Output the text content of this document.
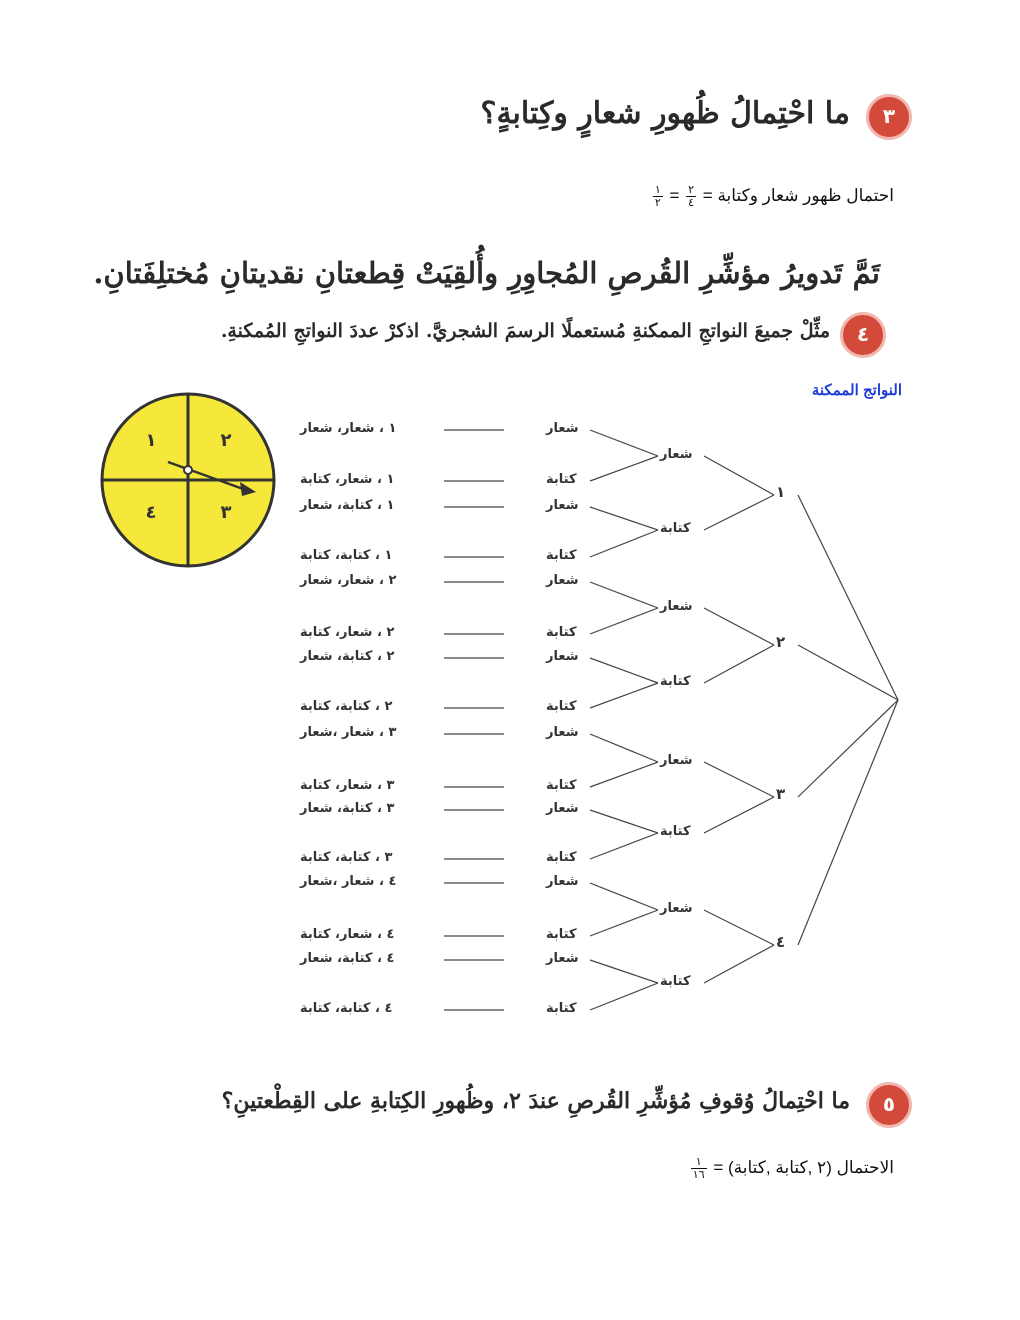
٣
ما احْتِمالُ ظُهورِ شعارٍ وكِتابةٍ؟
احتمال ظهور شعار وكتابة =
$\frac{٢}{٤}$
=
$\frac{١}{٢}$
تَمَّ تَدويرُ مؤشِّرِ القُرصِ المُجاوِرِ وأُلقِيَتْ قِطعتانِ نقديتانِ مُختلِفَتانِ.
٤
مثِّلْ جميعَ النواتجِ الممكنةِ مُستعملًا الرسمَ الشجريَّ. اذكرْ عددَ النواتجِ المُمكنةِ.
النواتج الممكنة
١	٢
٣
٤
١
٢
٣
٤
شعار
كتابة
شعار
كتابة
شعار
كتابة
شعار
كتابة
شعار
١ ، شعار، شعار
كتابة
١ ، شعار، كتابة
شعار
١ ، كتابة، شعار
كتابة
١ ، كتابة، كتابة
شعار
٢ ، شعار، شعار
كتابة
٢ ، شعار، كتابة
شعار
٢ ، كتابة، شعار
كتابة
٢ ، كتابة، كتابة
شعار
٣ ، شعار ،شعار
كتابة
٣ ، شعار، كتابة
شعار
٣ ، كتابة، شعار
كتابة
٣ ، كتابة، كتابة
شعار
٤ ، شعار ،شعار
كتابة
٤ ، شعار، كتابة
شعار
٤ ، كتابة، شعار
كتابة
٤ ، كتابة، كتابة
٥
ما احْتِمالُ وُقوفِ مُؤشِّرِ القُرصِ عندَ ٢، وظُهورِ الكِتابةِ على القِطْعتينِ؟
الاحتمال (٢ ,كتابة ,كتابة) =
$\frac{١}{١٦}$
